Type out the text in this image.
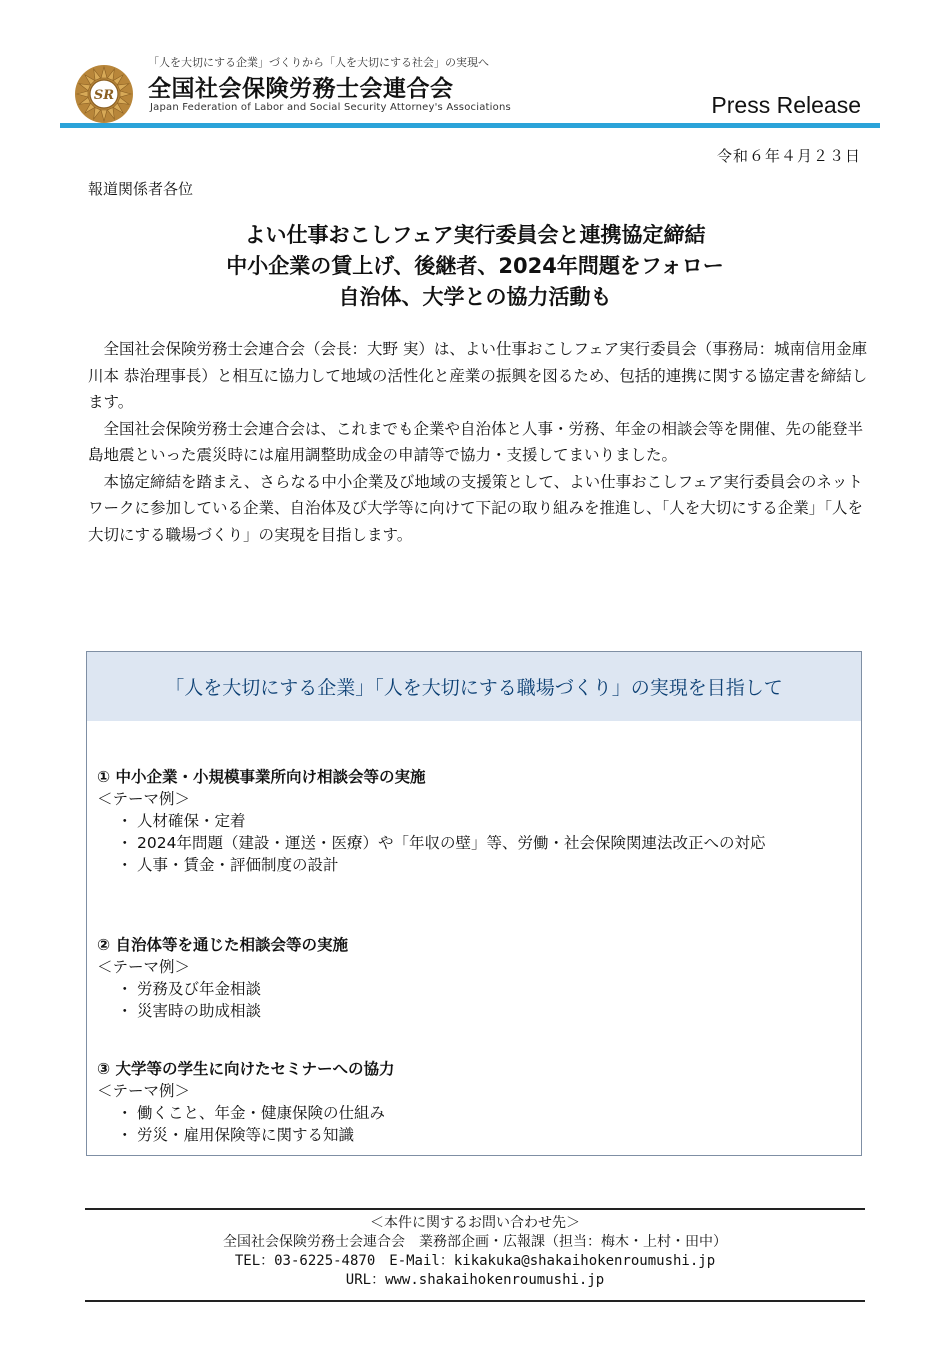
SR
「人を大切にする企業」づくりから「人を大切にする社会」の実現へ
全国社会保険労務士会連合会
Japan Federation of Labor and Social Security Attorney's Associations	Press Release
令和６年４月２３日
報道関係者各位
よい仕事おこしフェア実行委員会と連携協定締結
中小企業の賃上げ、後継者、2024年問題をフォロー
自治体、大学との協力活動も

全国社会保険労務士会連合会（会長：大野 実）は、よい仕事おこしフェア実行委員会（事務局：城南信用金庫　川本 恭治理事長）と相互に協力して地域の活性化と産業の振興を図るため、包括的連携に関する協定書を締結します。

全国社会保険労務士会連合会は、これまでも企業や自治体と人事・労務、年金の相談会等を開催、先の能登半島地震といった震災時には雇用調整助成金の申請等で協力・支援してまいりました。

本協定締結を踏まえ、さらなる中小企業及び地域の支援策として、よい仕事おこしフェア実行委員会のネットワークに参加している企業、自治体及び大学等に向けて下記の取り組みを推進し、「人を大切にする企業」「人を大切にする職場づくり」の実現を目指します。

「人を大切にする企業」「人を大切にする職場づくり」の実現を目指して
① 中小企業・小規模事業所向け相談会等の実施
＜テーマ例＞
・ 人材確保・定着
・ 2024年問題（建設・運送・医療）や「年収の壁」等、労働・社会保険関連法改正への対応
・ 人事・賃金・評価制度の設計
② 自治体等を通じた相談会等の実施
＜テーマ例＞
・ 労務及び年金相談
・ 災害時の助成相談
③ 大学等の学生に向けたセミナーへの協力
＜テーマ例＞
・ 働くこと、年金・健康保険の仕組み
・ 労災・雇用保険等に関する知識
＜本件に関するお問い合わせ先＞
全国社会保険労務士会連合会　業務部企画・広報課（担当：梅木・上村・田中）
TEL：03-6225-4870　E-Mail：kikakuka@shakaihokenroumushi.jp
URL：www.shakaihokenroumushi.jp
